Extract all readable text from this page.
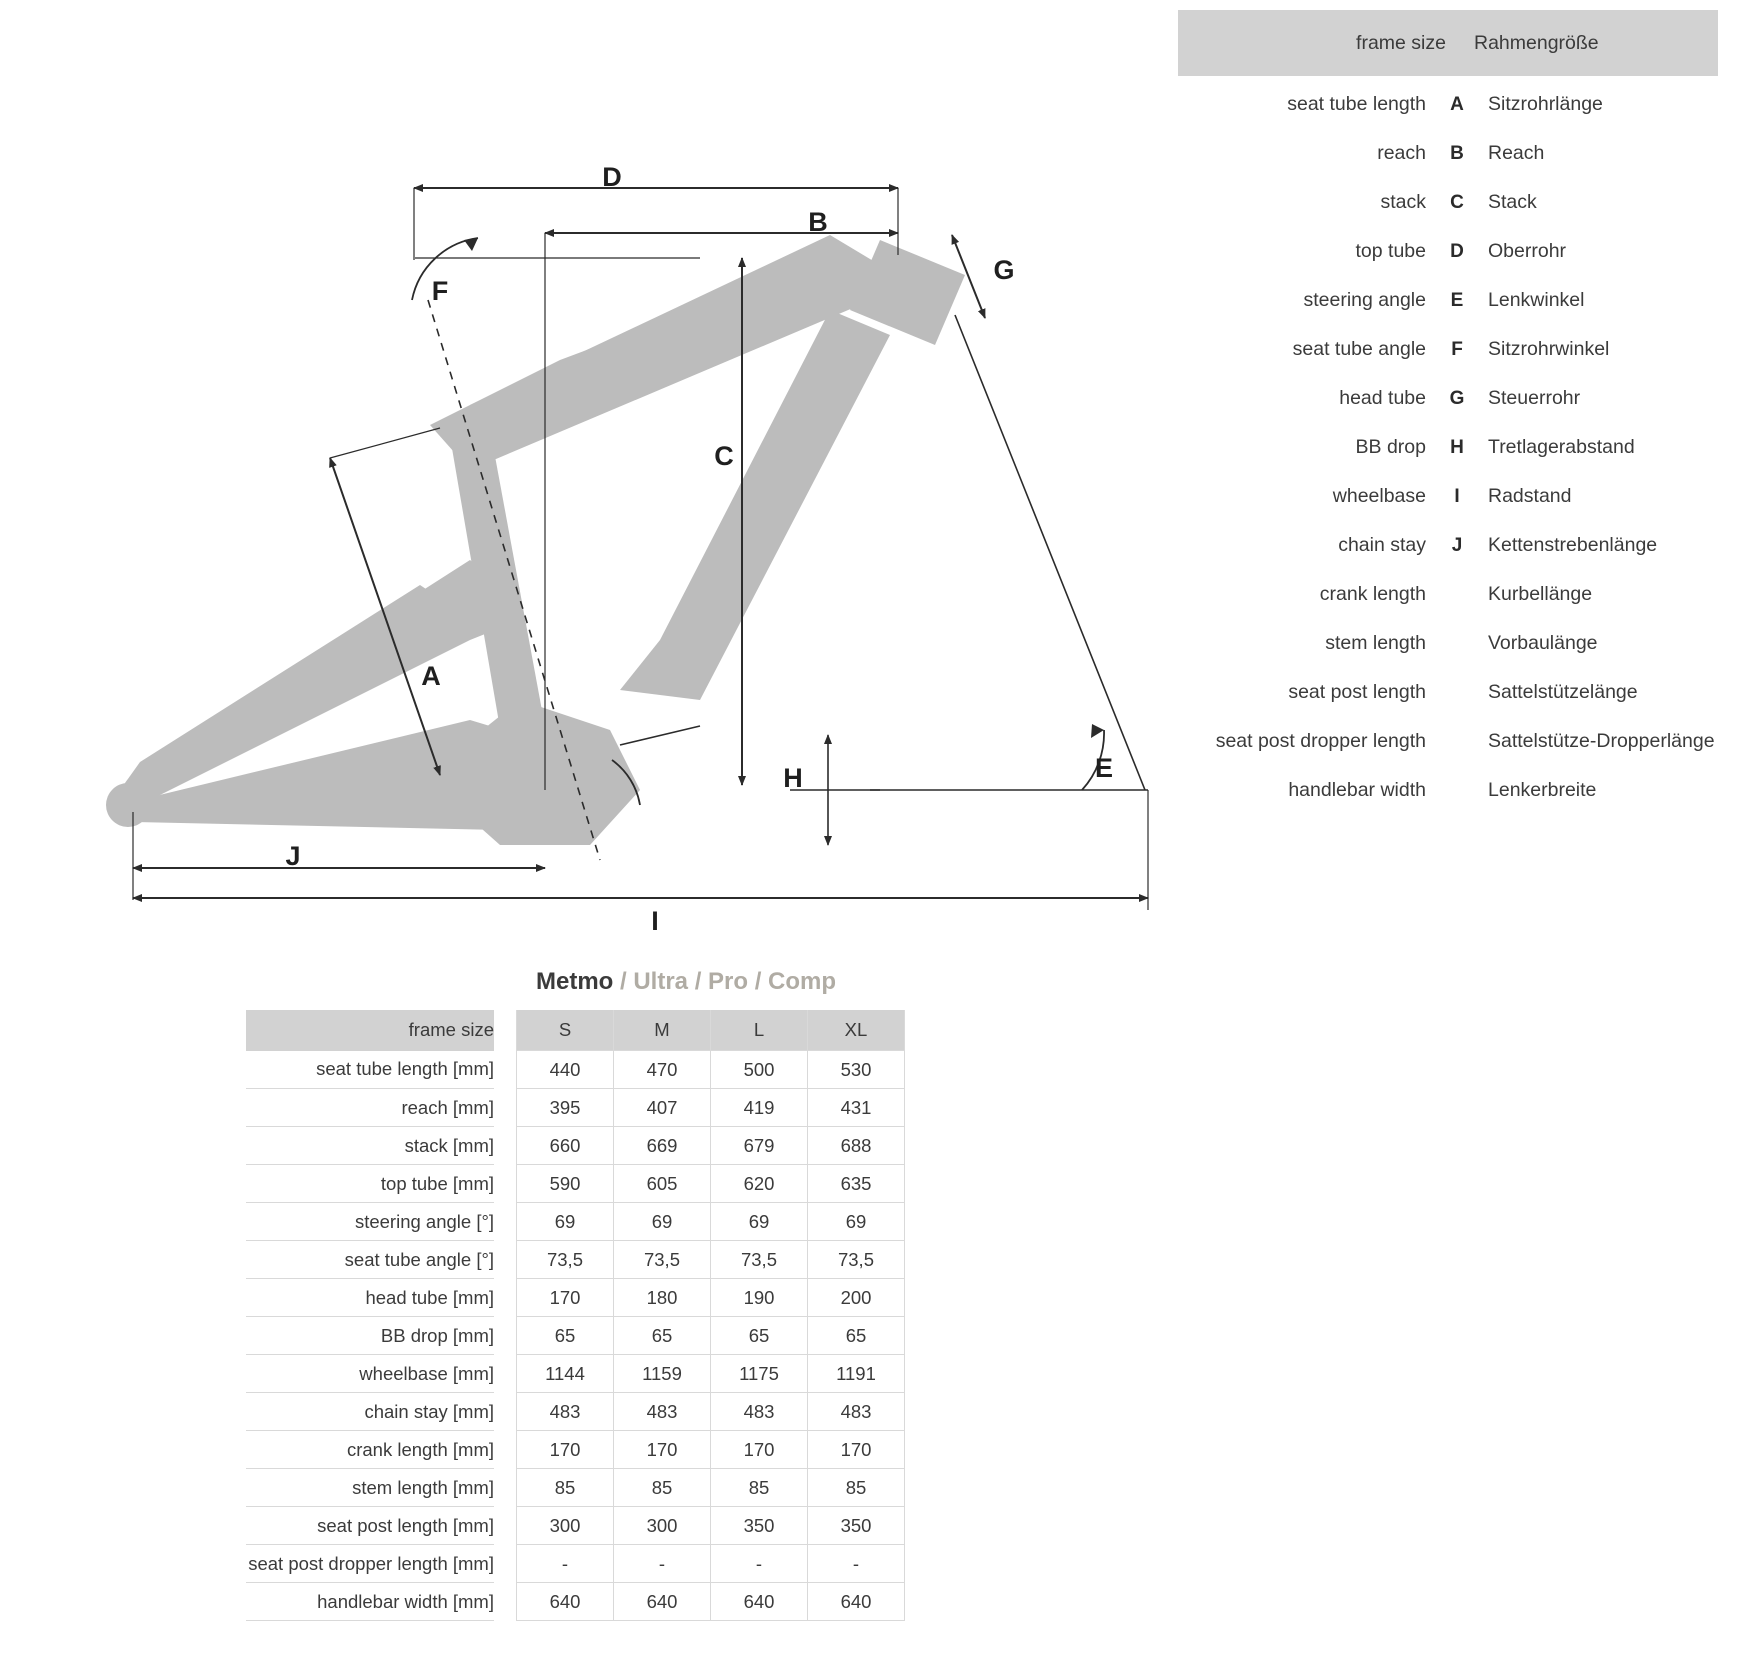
D
B
C
G
F
A
H	E
J
I
frame size	Rahmengröße
seat tube length	A	Sitzrohrlänge
reach	B	Reach
stack	C	Stack
top tube	D	Oberrohr
steering angle	E	Lenkwinkel
seat tube angle	F	Sitzrohrwinkel
head tube	G	Steuerrohr
BB drop	H	Tretlagerabstand
wheelbase	I	Radstand
chain stay	J	Kettenstrebenlänge
crank length	Kurbellänge
stem length	Vorbaulänge
seat post length	Sattelstützelänge
seat post dropper length	Sattelstütze-Dropperlänge
handlebar width	Lenkerbreite
Metmo / Ultra / Pro / Comp
frame size		S	M	L	XL
seat tube length [mm]		440	470	500	530
reach [mm]		395	407	419	431
stack [mm]		660	669	679	688
top tube [mm]		590	605	620	635
steering angle [°]		69	69	69	69
seat tube angle [°]		73,5	73,5	73,5	73,5
head tube [mm]		170	180	190	200
BB drop [mm]		65	65	65	65
wheelbase [mm]		1144	1159	1175	1191
chain stay [mm]		483	483	483	483
crank length [mm]		170	170	170	170
stem length [mm]		85	85	85	85
seat post length [mm]		300	300	350	350
seat post dropper length [mm]		-	-	-	-
handlebar width [mm]		640	640	640	640
